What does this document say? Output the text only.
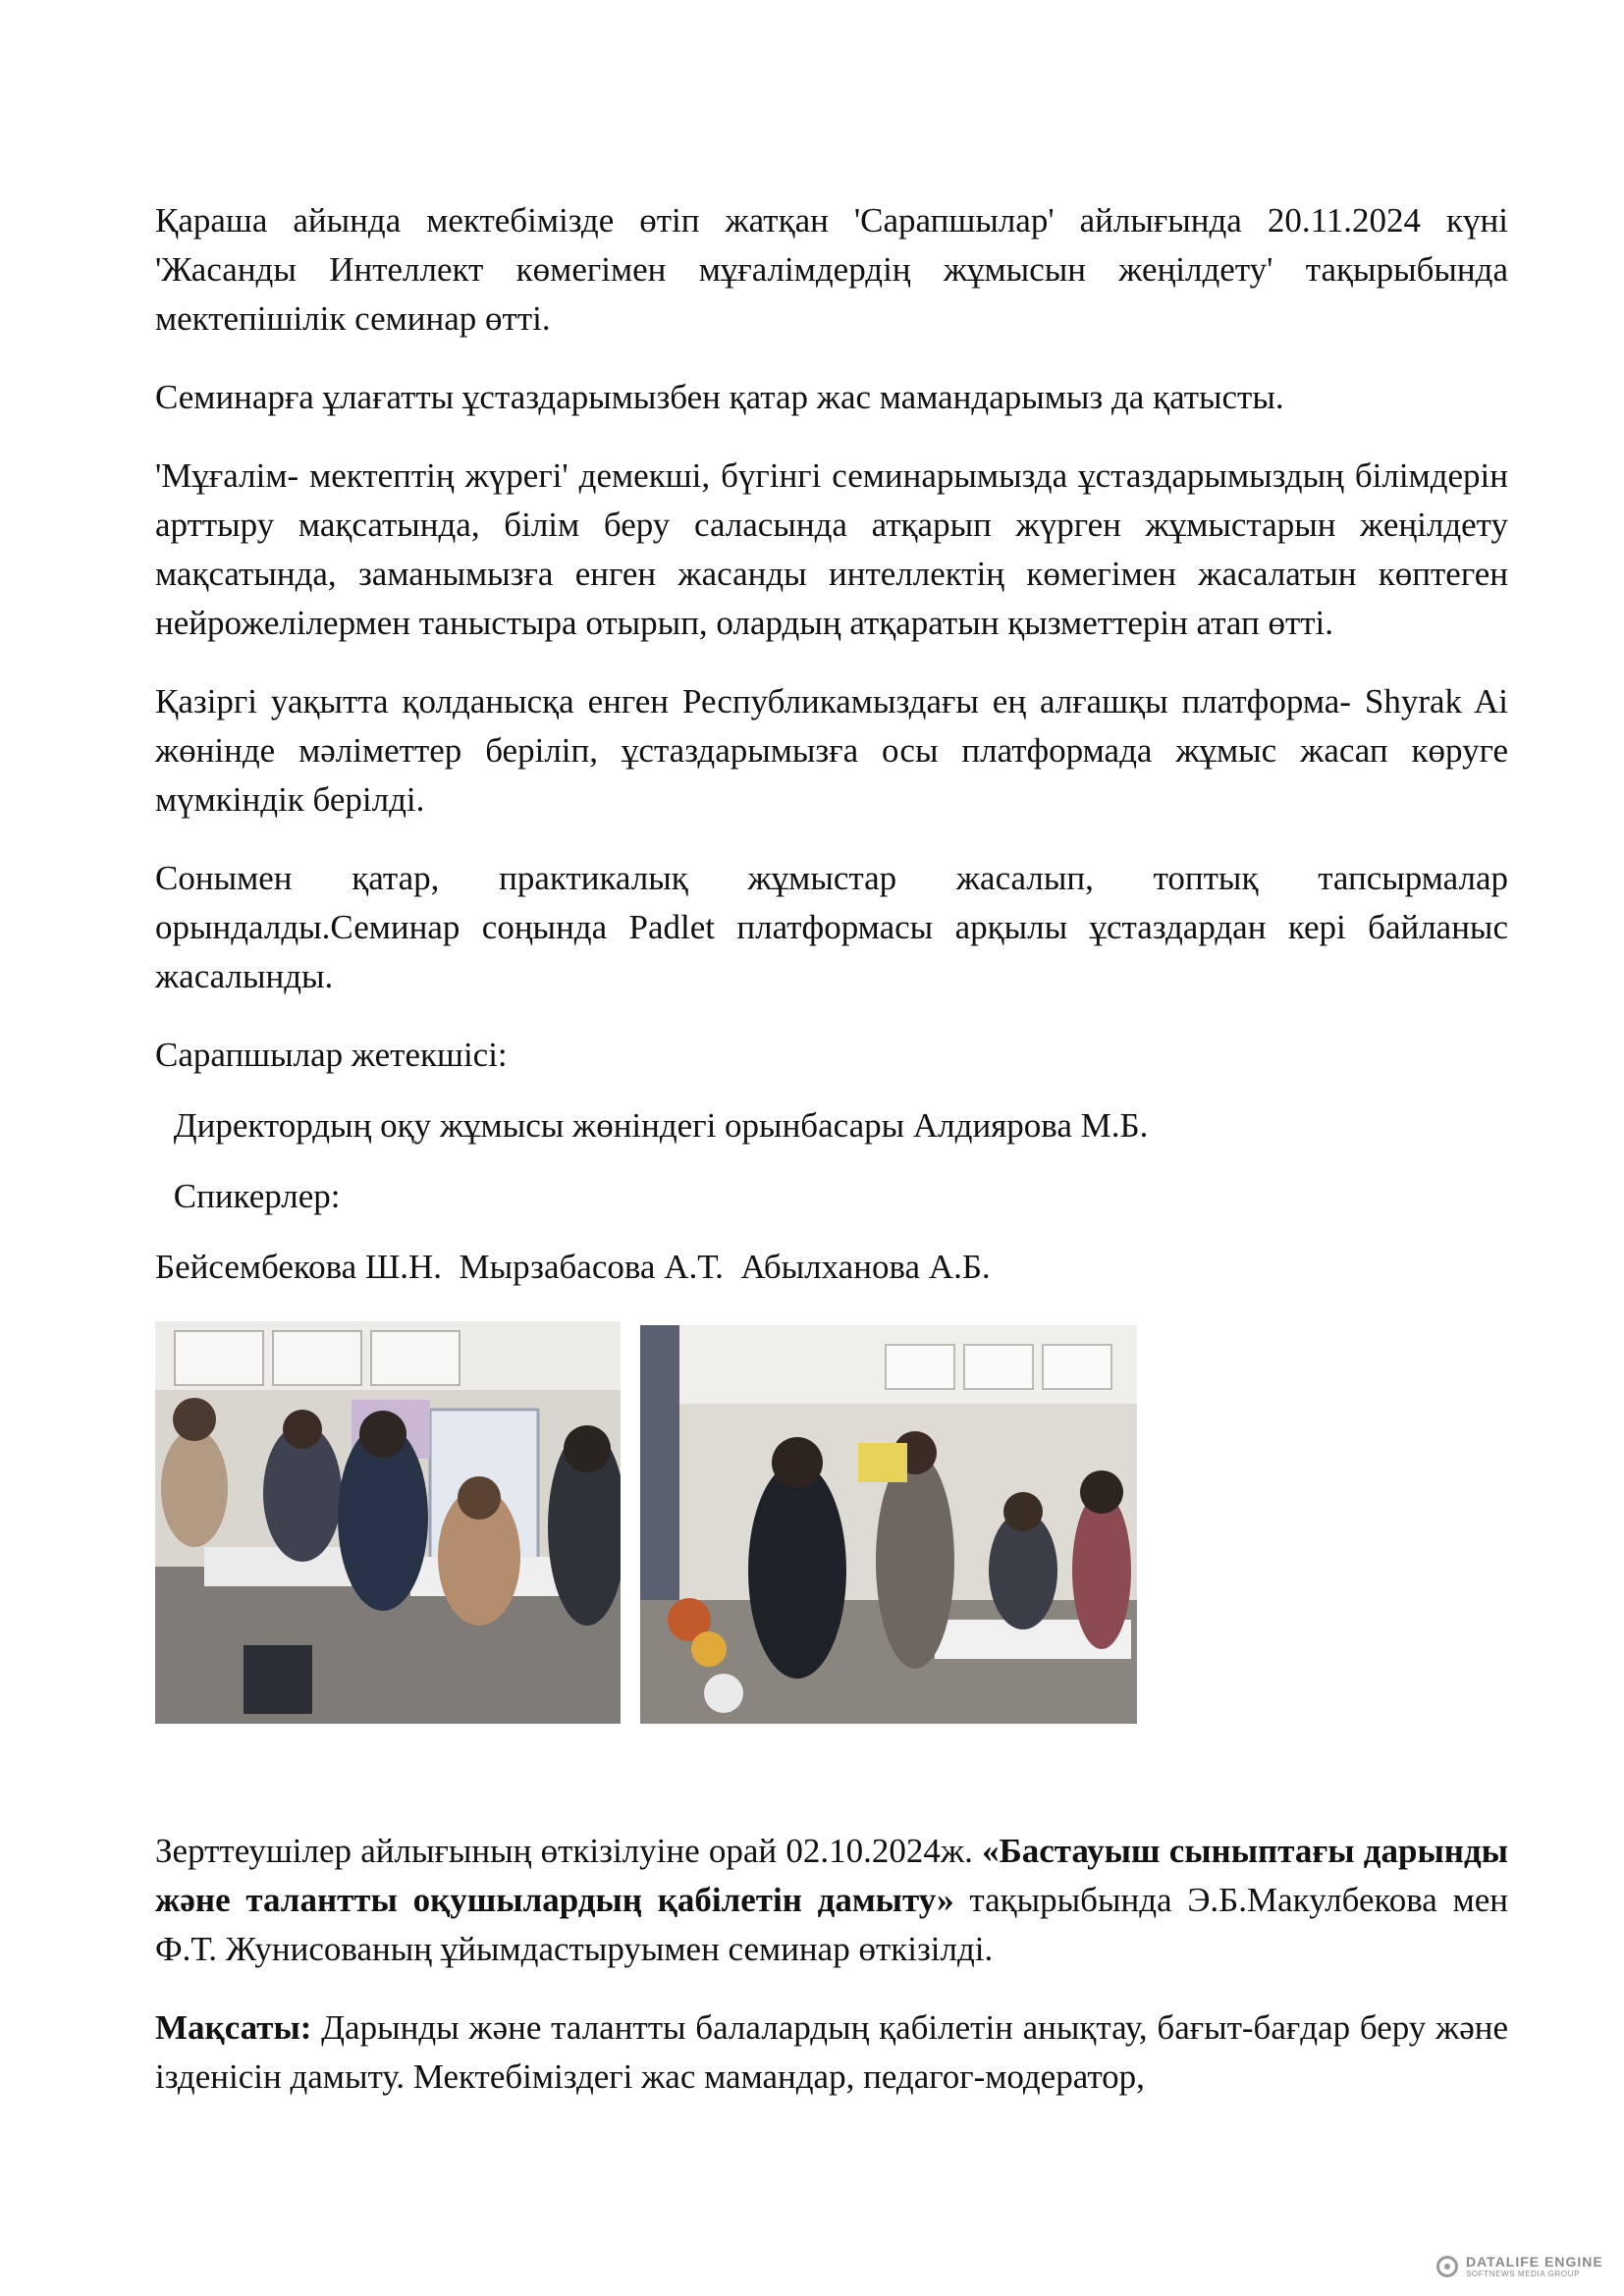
Қараша айында мектебімізде өтіп жатқан 'Сарапшылар' айлығында 20.11.2024 күні 'Жасанды Интеллект көмегімен мұғалімдердің жұмысын жеңілдету' тақырыбында мектепішілік семинар өтті.

Семинарға ұлағатты ұстаздарымызбен қатар жас мамандарымыз да қатысты.

'Мұғалім- мектептің жүрегі' демекші, бүгінгі семинарымызда ұстаздарымыздың білімдерін арттыру мақсатында, білім беру саласында атқарып жүрген жұмыстарын жеңілдету мақсатында, заманымызға енген жасанды интеллектің көмегімен жасалатын көптеген нейрожелілермен таныстыра отырып, олардың атқаратын қызметтерін атап өтті.

Қазіргі уақытта қолданысқа енген Республикамыздағы ең алғашқы платформа- Shyrak Ai жөнінде мәліметтер беріліп, ұстаздарымызға осы платформада жұмыс жасап көруге мүмкіндік берілді.

Сонымен қатар, практикалық жұмыстар жасалып, топтық тапсырмалар орындалды.Семинар соңында Padlet платформасы арқылы ұстаздардан кері байланыс жасалынды.

Сарапшылар жетекшісі:

Директордың оқу жұмысы жөніндегі орынбасары Алдиярова М.Б.

Спикерлер:

Бейсембекова Ш.Н.  Мырзабасова А.Т.  Абылханова А.Б.

Зерттеушілер айлығының өткізілуіне орай 02.10.2024ж. «Бастауыш сыныптағы дарынды және талантты оқушылардың қабілетін дамыту» тақырыбында Э.Б.Макулбекова мен Ф.Т. Жунисованың ұйымдастыруымен семинар өткізілді.

Мақсаты: Дарынды және талантты балалардың қабілетін анықтау, бағыт-бағдар беру және ізденісін дамыту. Мектебіміздегі жас мамандар, педагог-модератор,

DATALIFE ENGINE
SOFTNEWS MEDIA GROUP
